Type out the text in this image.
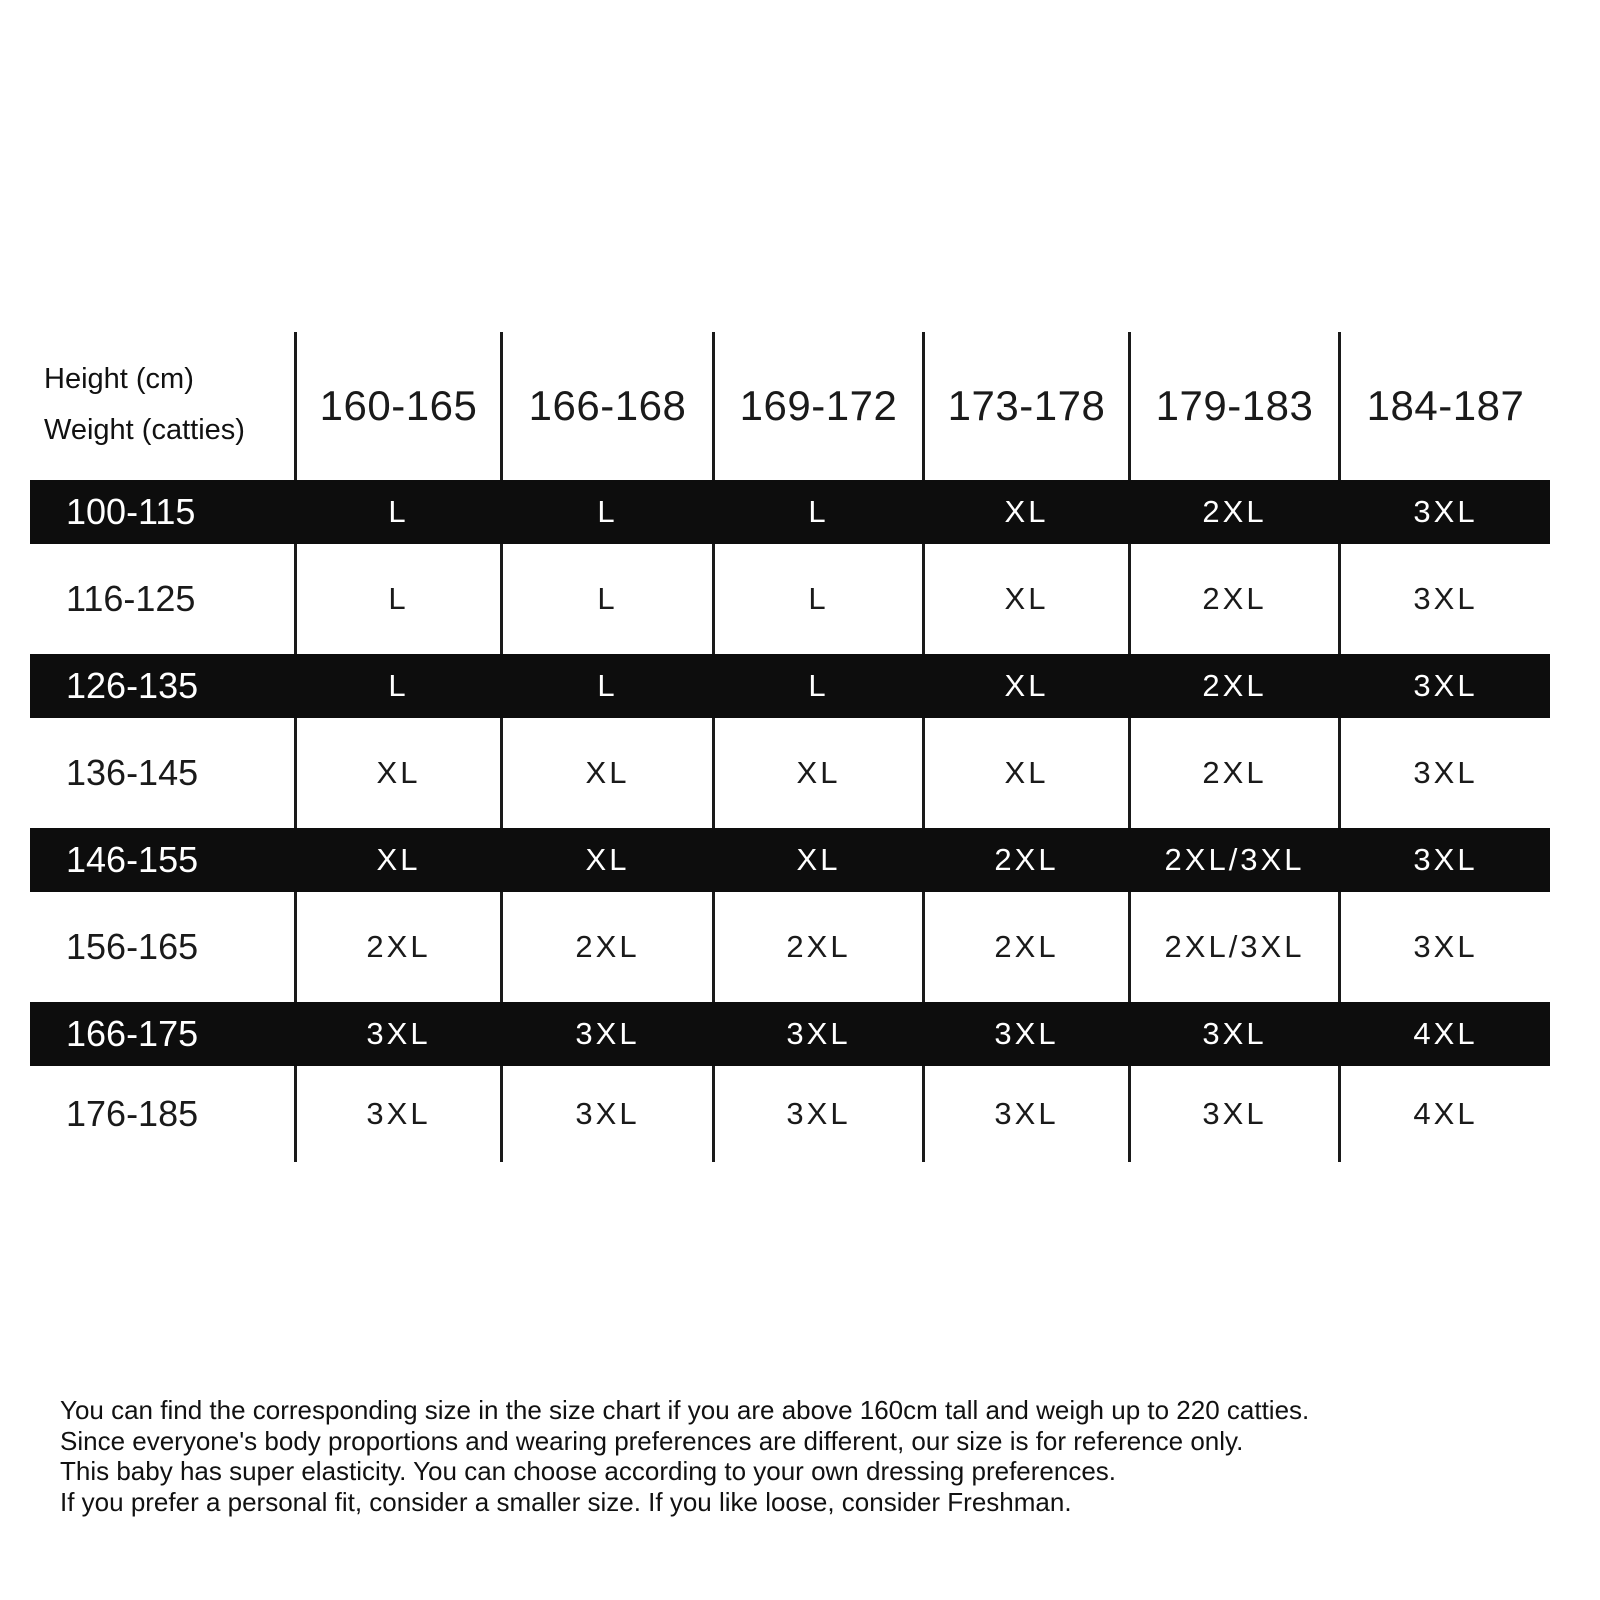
Height (cm)
Weight (catties)
160-165	166-168	169-172	173-178	179-183	184-187
100-115	L	L	L	XL	2XL	3XL
116-125	L	L	L	XL	2XL	3XL
126-135	L	L	L	XL	2XL	3XL
136-145	XL	XL	XL	XL	2XL	3XL
146-155	XL	XL	XL	2XL	2XL/3XL	3XL
156-165	2XL	2XL	2XL	2XL	2XL/3XL	3XL
166-175	3XL	3XL	3XL	3XL	3XL	4XL
176-185	3XL	3XL	3XL	3XL	3XL	4XL
You can find the corresponding size in the size chart if you are above 160cm tall and weigh up to 220 catties.
Since everyone's body proportions and wearing preferences are different, our size is for reference only.
This baby has super elasticity. You can choose according to your own dressing preferences.
If you prefer a personal fit, consider a smaller size. If you like loose, consider Freshman.
